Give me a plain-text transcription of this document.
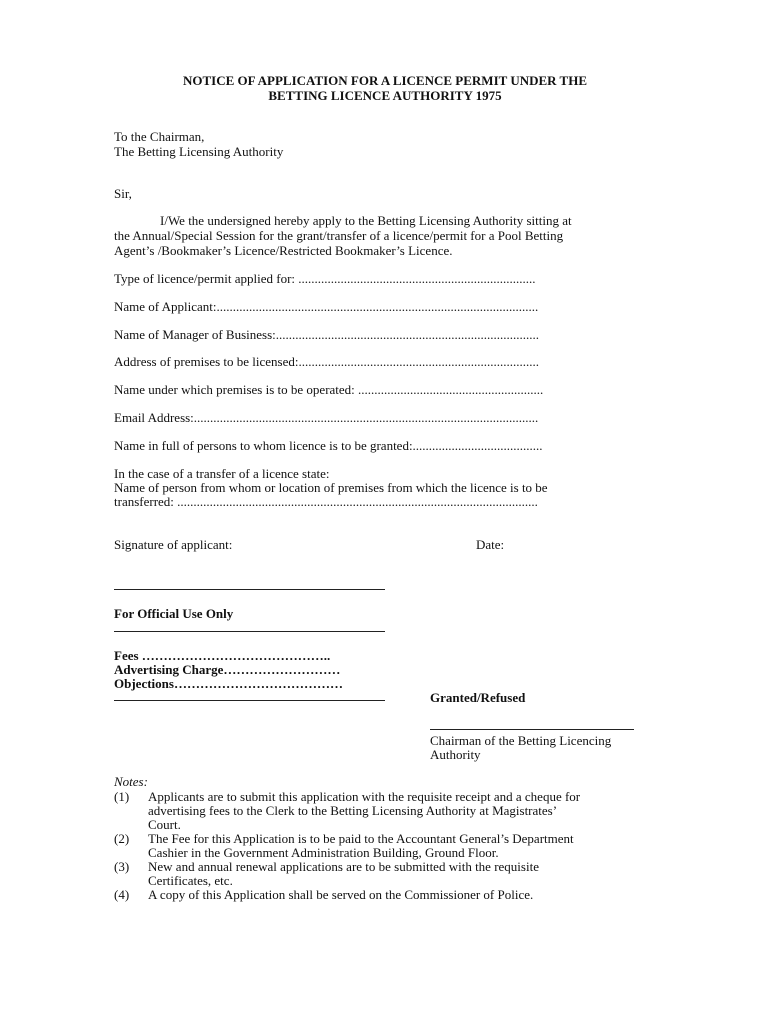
NOTICE OF APPLICATION FOR A LICENCE PERMIT UNDER THE
BETTING LICENCE AUTHORITY 1975
To the Chairman,
The Betting Licensing Authority
Sir,
I/We the undersigned hereby apply to the Betting Licensing Authority sitting at
the Annual/Special Session for the grant/transfer of a licence/permit for a Pool Betting
Agent’s /Bookmaker’s Licence/Restricted Bookmaker’s Licence.
Type of licence/permit applied for: .........................................................................
Name of Applicant:...................................................................................................
Name of Manager of Business:.................................................................................
Address of premises to be licensed:..........................................................................
Name under which premises is to be operated: .........................................................
Email Address:..........................................................................................................
Name in full of persons to whom licence is to be granted:........................................
In the case of a transfer of a licence state:
Name of person from whom or location of premises from which the licence is to be
transferred: ...............................................................................................................
Signature of applicant:	Date:
For Official Use Only
Fees ……………………………………..
Advertising Charge………………………
Objections…………………………………
Granted/Refused
Chairman of the Betting Licencing
Authority
Notes:
(1) Applicants are to submit this application with the requisite receipt and a cheque for
advertising fees to the Clerk to the Betting Licensing Authority at Magistrates’
Court.
(2) The Fee for this Application is to be paid to the Accountant General’s Department
Cashier in the Government Administration Building, Ground Floor.
(3) New and annual renewal applications are to be submitted with the requisite
Certificates, etc.
(4) A copy of this Application shall be served on the Commissioner of Police.
